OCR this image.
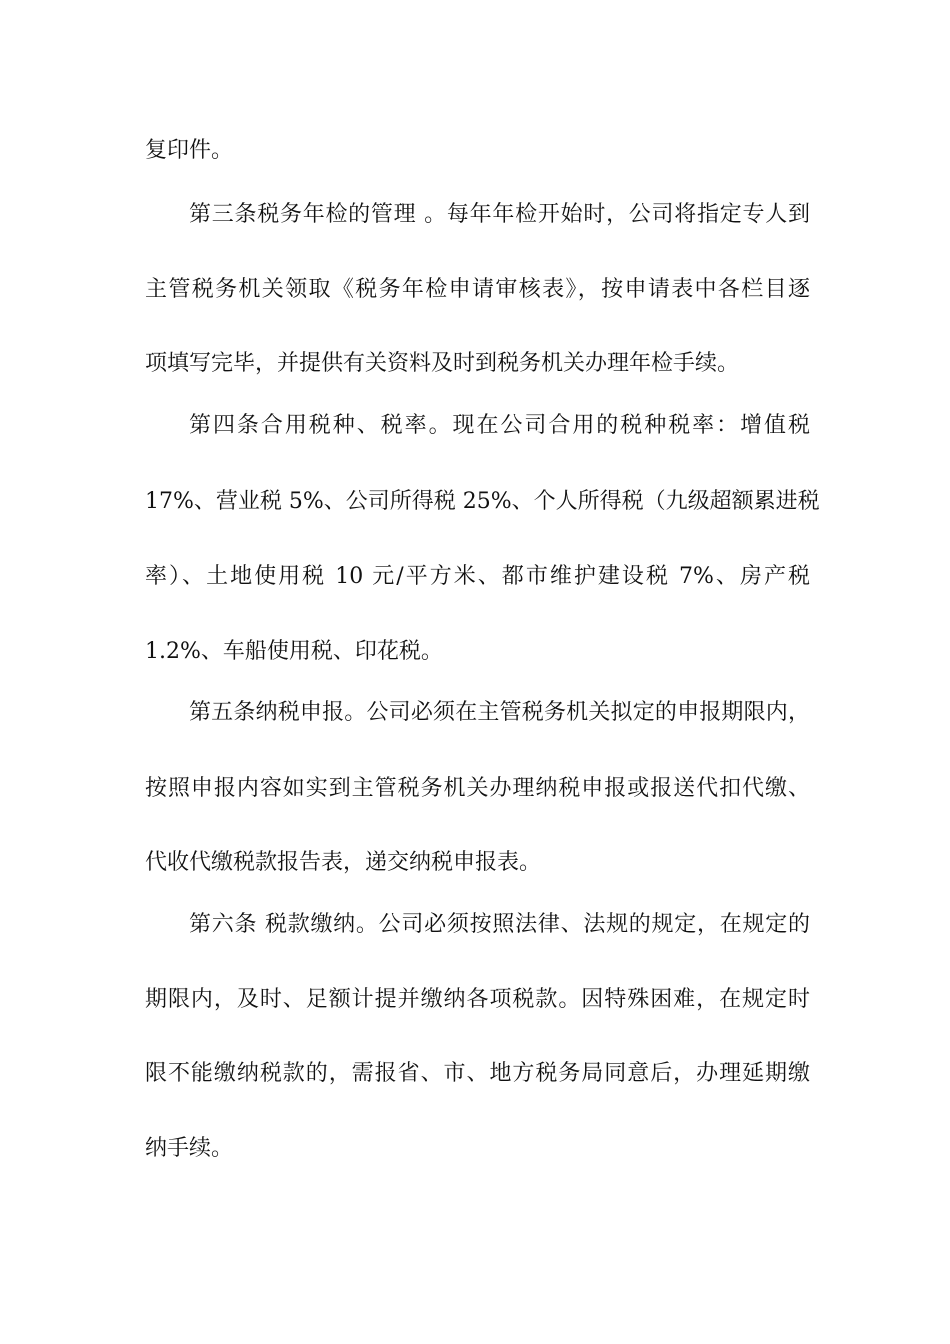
复印件。
第三条税务年检的管理 。每年年检开始时，公司将指定专人到
主管税务机关领取《税务年检申请审核表》，按申请表中各栏目逐
项填写完毕，并提供有关资料及时到税务机关办理年检手续。
第四条合用税种、税率。现在公司合用的税种税率：增值税
17%、营业税 5%、公司所得税 25%、个人所得税（九级超额累进税
率）、土地使用税 10 元/平方米、都市维护建设税 7%、房产税
1.2%、车船使用税、印花税。
第五条纳税申报。公司必须在主管税务机关拟定的申报期限内，
按照申报内容如实到主管税务机关办理纳税申报或报送代扣代缴、
代收代缴税款报告表，递交纳税申报表。
第六条 税款缴纳。公司必须按照法律、法规的规定，在规定的
期限内，及时、足额计提并缴纳各项税款。因特殊困难，在规定时
限不能缴纳税款的，需报省、市、地方税务局同意后，办理延期缴
纳手续。
